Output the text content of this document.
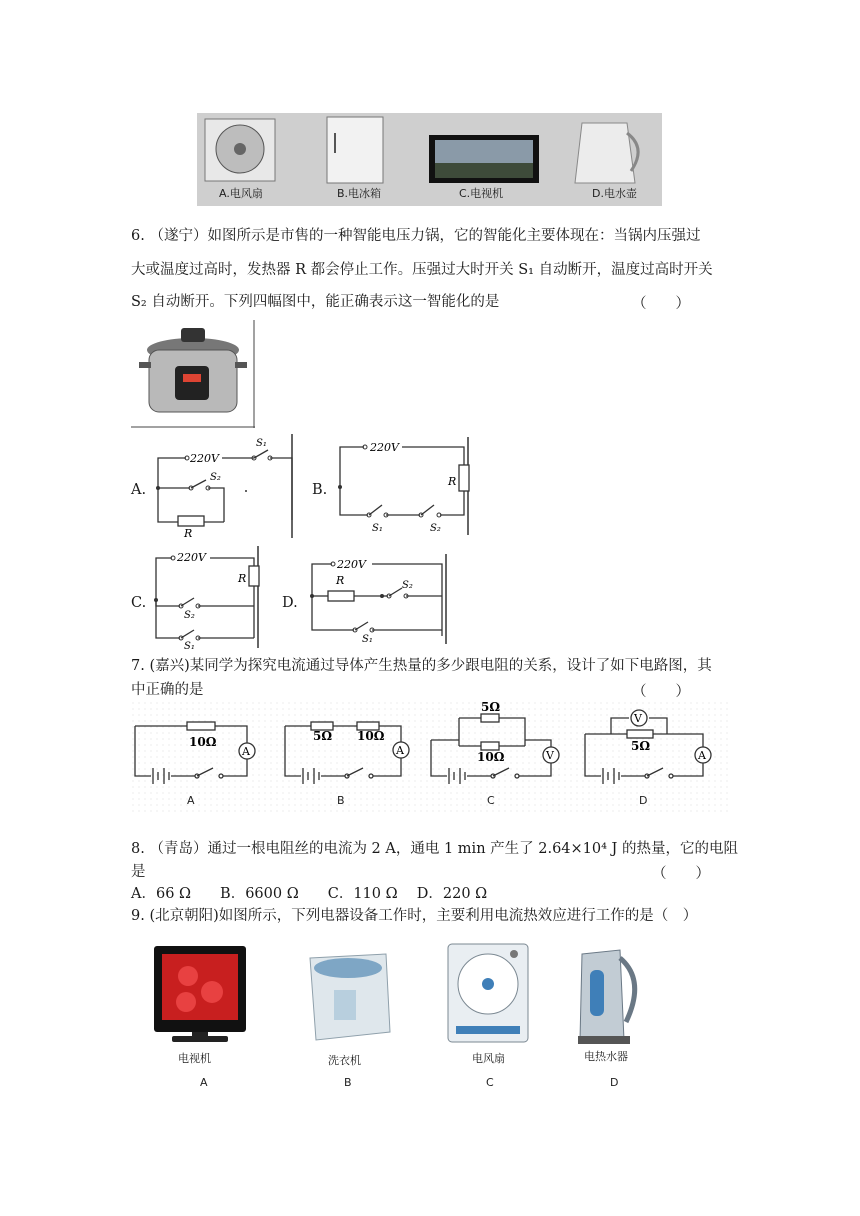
A.电风扇	B.电冰箱	C.电视机	D.电水壶
6. （遂宁）如图所示是市售的一种智能电压力锅，它的智能化主要体现在：当锅内压强过
大或温度过高时，发热器 R 都会停止工作。压强过大时开关 S₁ 自动断开，温度过高时开关
S₂ 自动断开。下列四幅图中，能正确表示这一智能化的是	（　　）
A.	B.
C.	D.
220V
S₁
S₂
R
220V
R
S₁	S₂
220V
R
S₂
S₁
220V
R	S₂
S₁
7. (嘉兴)某同学为探究电流通过导体产生热量的多少跟电阻的关系，设计了如下电路图，其
中正确的是	（　　）
A	A	V	A
V
10Ω	5Ω 10Ω
5Ω
10Ω
5Ω
A	B	C	D
8. （青岛）通过一根电阻丝的电流为 2 A，通电 1 min 产生了 2.64×10⁴ J 的热量，它的电阻
是	（　　）
A．66 Ω　　B．6600 Ω　　C．110 Ω　 D．220 Ω
9. (北京朝阳)如图所示，下列电器设备工作时，主要利用电流热效应进行工作的是（　）
电视机	洗衣机	电风扇	电热水器
A	B	C	D
